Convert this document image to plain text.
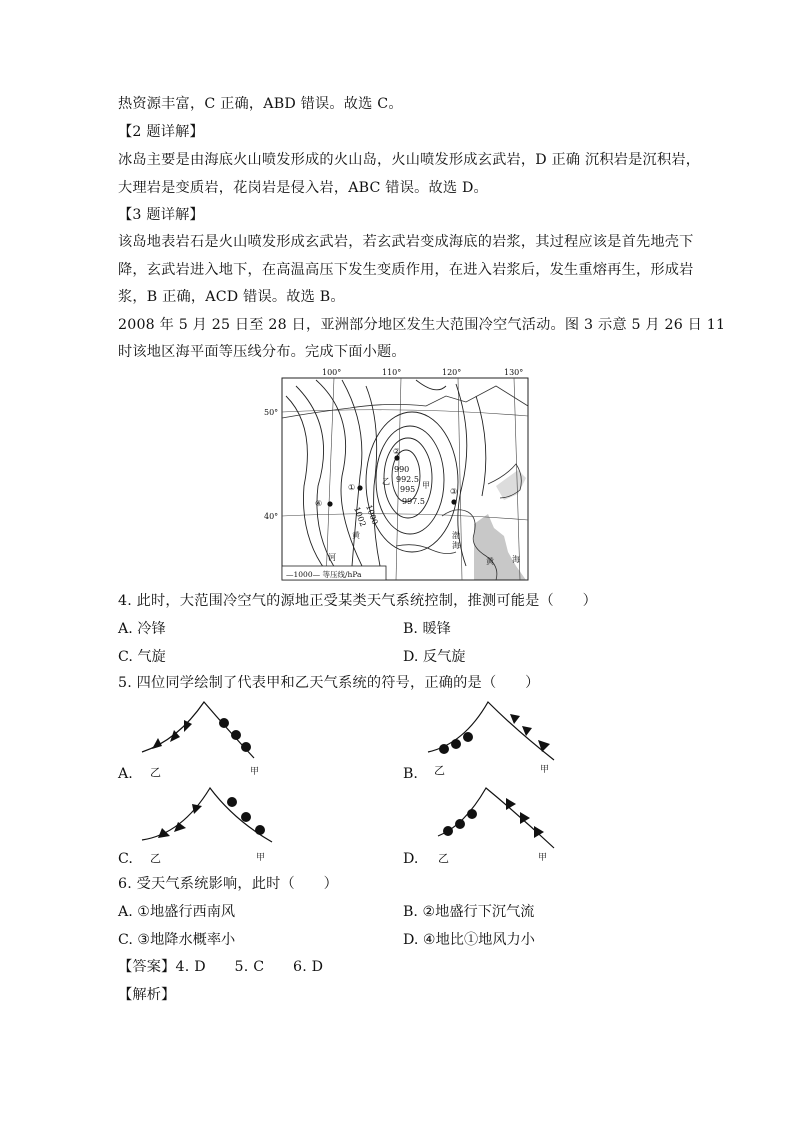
热资源丰富，C 正确，ABD 错误。故选 C。
【2 题详解】
冰岛主要是由海底火山喷发形成的火山岛，火山喷发形成玄武岩，D 正确 沉积岩是沉积岩，
大理岩是变质岩，花岗岩是侵入岩，ABC 错误。故选 D。
【3 题详解】
该岛地表岩石是火山喷发形成玄武岩，若玄武岩变成海底的岩浆，其过程应该是首先地壳下
降，玄武岩进入地下，在高温高压下发生变质作用，在进入岩浆后，发生重熔再生，形成岩
浆，B 正确，ACD 错误。故选 B。
2008 年 5 月 25 日至 28 日，亚洲部分地区发生大范围冷空气活动。图 3 示意 5 月 26 日 11
时该地区海平面等压线分布。完成下面小题。
100°	110°	120°	130°
50°
40°
990
992.5
995
997.5
1000
1002
①
②
③
④
甲
乙
黄
河
渤
海
黄 海
—1000— 等压线/hPa
4. 此时，大范围冷空气的源地正受某类天气系统控制，推测可能是（　　）
A. 冷锋	B. 暖锋
C. 气旋	D. 反气旋
5. 四位同学绘制了代表甲和乙天气系统的符号，正确的是（　　）
A. 乙	甲	B. 乙	甲
C. 乙	甲	D. 乙	甲
6. 受天气系统影响，此时（　　）
A. ①地盛行西南风	B. ②地盛行下沉气流
C. ③地降水概率小	D. ④地比①地风力小
【答案】4. D　　5. C　　6. D
【解析】
